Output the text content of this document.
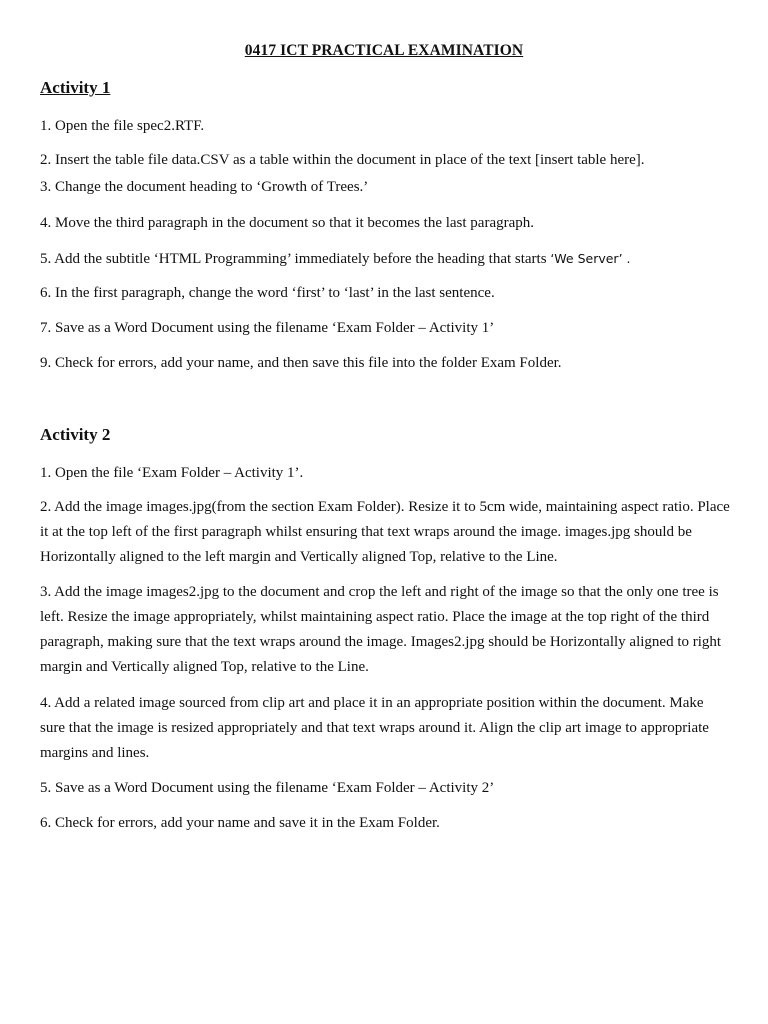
0417 ICT PRACTICAL EXAMINATION
Activity 1
1. Open the file spec2.RTF.
2. Insert the table file data.CSV as a table within the document in place of the text [insert table here].
3. Change the document heading to ‘Growth of Trees.’
4. Move the third paragraph in the document so that it becomes the last paragraph.
5. Add the subtitle ‘HTML Programming’ immediately before the heading that starts ‘We Server’ .
6. In the first paragraph, change the word ‘first’ to ‘last’ in the last sentence.
7. Save as a Word Document using the filename ‘Exam Folder – Activity 1’
9. Check for errors, add your name, and then save this file into the folder Exam Folder.
Activity 2
1. Open the file ‘Exam Folder – Activity 1’.
2. Add the image images.jpg(from the section Exam Folder). Resize it to 5cm wide, maintaining aspect ratio. Place it at the top left of the first paragraph whilst ensuring that text wraps around the image. images.jpg should be Horizontally aligned to the left margin and Vertically aligned Top, relative to the Line.
3. Add the image images2.jpg to the document and crop the left and right of the image so that the only one tree is left. Resize the image appropriately, whilst maintaining aspect ratio. Place the image at the top right of the third paragraph, making sure that the text wraps around the image. Images2.jpg should be Horizontally aligned to right margin and Vertically aligned Top, relative to the Line.
4. Add a related image sourced from clip art and place it in an appropriate position within the document. Make sure that the image is resized appropriately and that text wraps around it. Align the clip art image to appropriate margins and lines.
5. Save as a Word Document using the filename ‘Exam Folder – Activity 2’
6. Check for errors, add your name and save it in the Exam Folder.
